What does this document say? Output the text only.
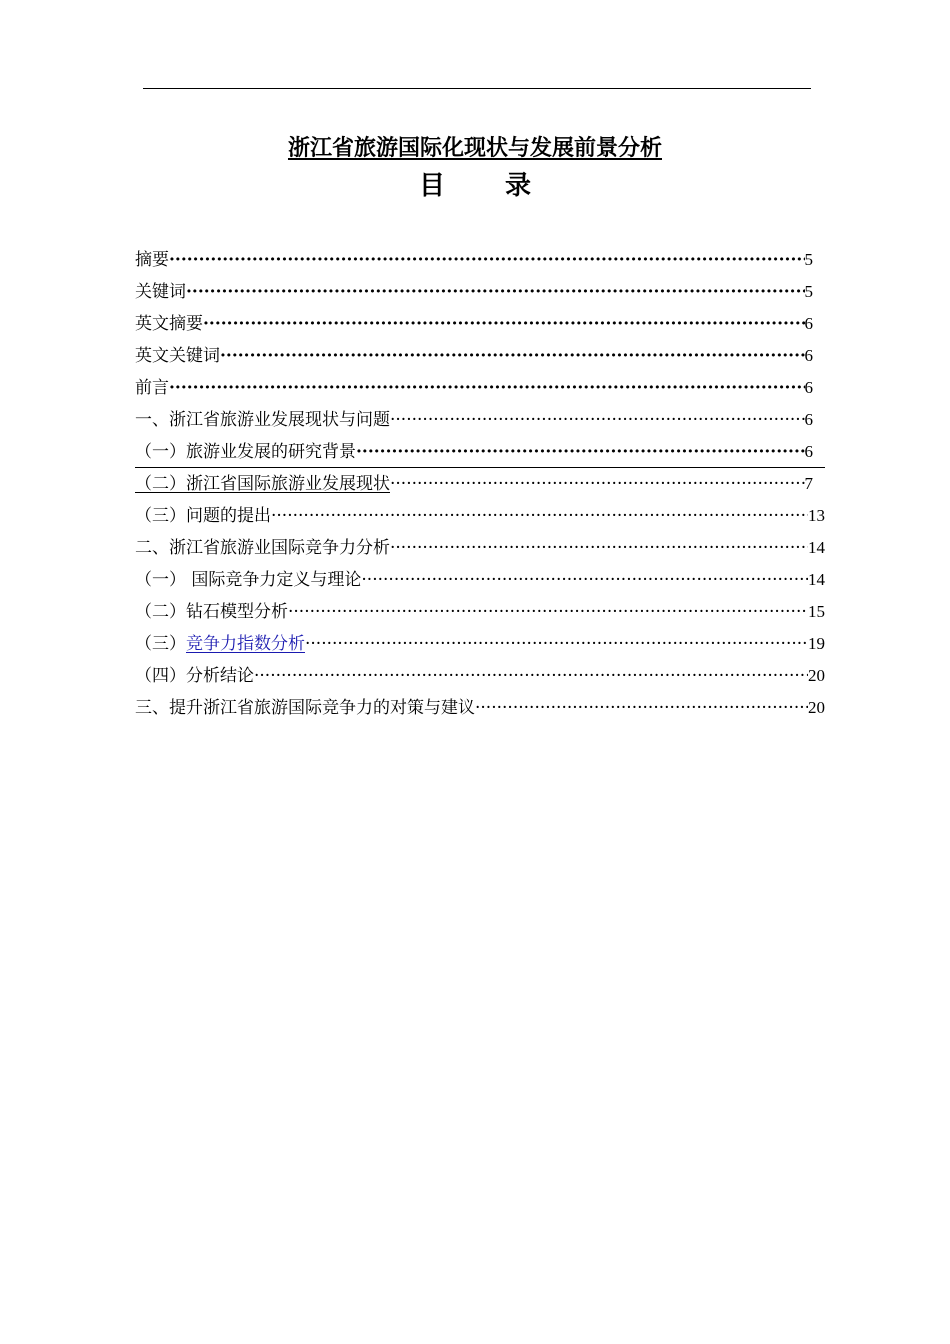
浙江省旅游国际化现状与发展前景分析
目录
摘要 ·····	5
关键词 ·····	5
英文摘要 ·····	6
英文关键词 ·····	6
前言 ·····	6
一、浙江省旅游业发展现状与问题 ·····	6
（一）旅游业发展的研究背景 ·····	6
（二）浙江省国际旅游业发展现状 ·····	7
（三）问题的提出 ·····	13
二、浙江省旅游业国际竞争力分析 ·····	14
（一） 国际竞争力定义与理论 ·····	14
（二）钻石模型分析 ·····	15
（三）竞争力指数分析 ·····	19
（四）分析结论 ·····	20
三、提升浙江省旅游国际竞争力的对策与建议 ·····	20
